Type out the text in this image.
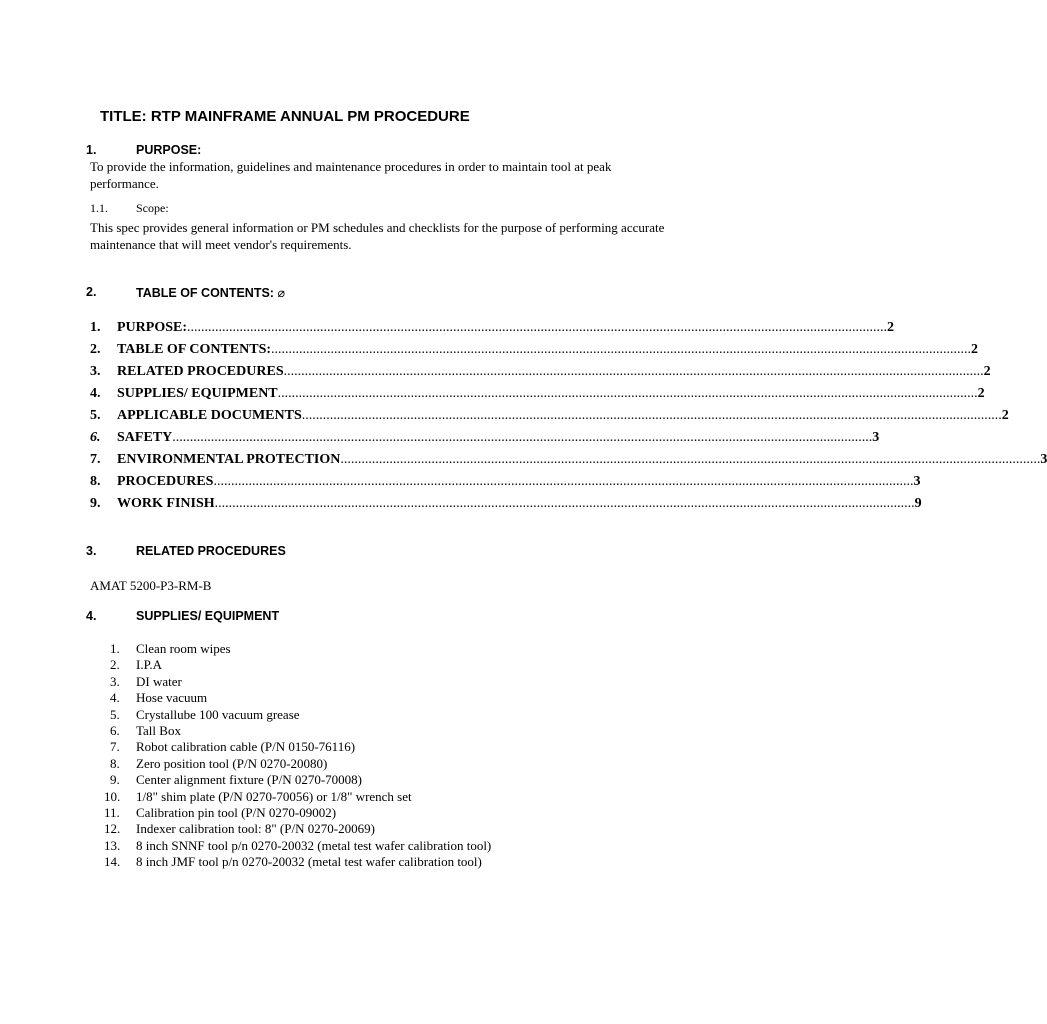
TITLE: RTP MAINFRAME ANNUAL PM PROCEDURE
1.	PURPOSE:
To provide the information, guidelines and maintenance procedures in order to maintain tool at peak performance.
1.1. Scope:
This spec provides general information or PM schedules and checklists for the purpose of performing accurate maintenance that will meet vendor's requirements.
2.	TABLE OF CONTENTS: ⌀
1.	PURPOSE: ........................................................................................................................................................................................................ 2
2.	TABLE OF CONTENTS: ........................................................................................................................................................................................................ 2
3.	RELATED PROCEDURES ........................................................................................................................................................................................................ 2
4.	SUPPLIES/ EQUIPMENT ........................................................................................................................................................................................................ 2
5.	APPLICABLE DOCUMENTS ........................................................................................................................................................................................................ 2
6.	SAFETY ........................................................................................................................................................................................................ 3
7.	ENVIRONMENTAL PROTECTION ........................................................................................................................................................................................................ 3
8.	PROCEDURES ........................................................................................................................................................................................................ 3
9.	WORK FINISH ........................................................................................................................................................................................................ 9
3.	RELATED PROCEDURES
AMAT 5200-P3-RM-B
4.	SUPPLIES/ EQUIPMENT
1.	Clean room wipes
2.	I.P.A
3.	DI water
4.	Hose vacuum
5.	Crystallube 100 vacuum grease
6.	Tall Box
7.	Robot calibration cable (P/N 0150-76116)
8.	Zero position tool (P/N 0270-20080)
9.	Center alignment fixture (P/N 0270-70008)
10.	1/8" shim plate (P/N 0270-70056) or 1/8" wrench set
11.	Calibration pin tool (P/N 0270-09002)
12.	Indexer calibration tool: 8" (P/N 0270-20069)
13.	8 inch SNNF tool p/n 0270-20032 (metal test wafer calibration tool)
14.	8 inch JMF tool p/n 0270-20032 (metal test wafer calibration tool)
